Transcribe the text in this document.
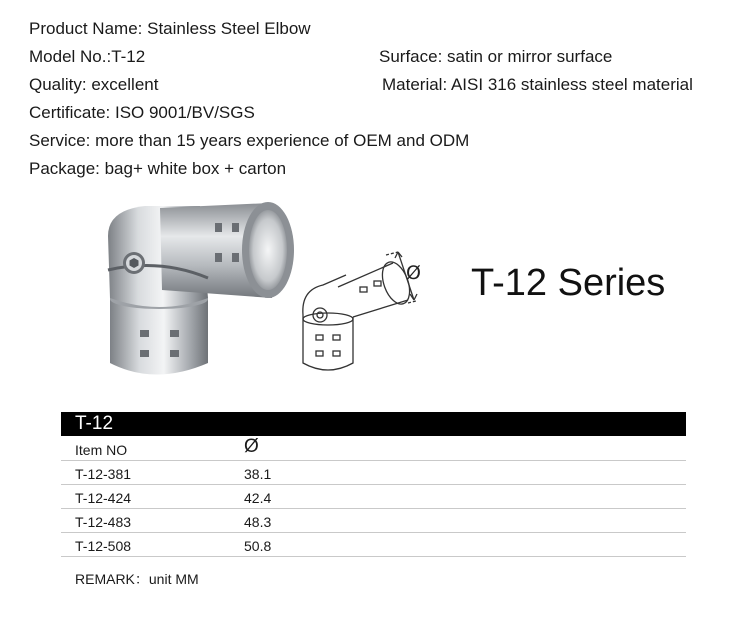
Product Name: Stainless Steel Elbow
Model No.:T-12	Surface: satin or mirror surface
Quality: excellent	Material: AISI 316 stainless steel material
Certificate: ISO 9001/BV/SGS
Service: more than 15 years experience of OEM and ODM
Package: bag+ white box + carton
Ø T-12 Series
T-12
Item NO	Ø
T-12-381	38.1
T-12-424	42.4
T-12-483	48.3
T-12-508	50.8
REMARK：unit MM
